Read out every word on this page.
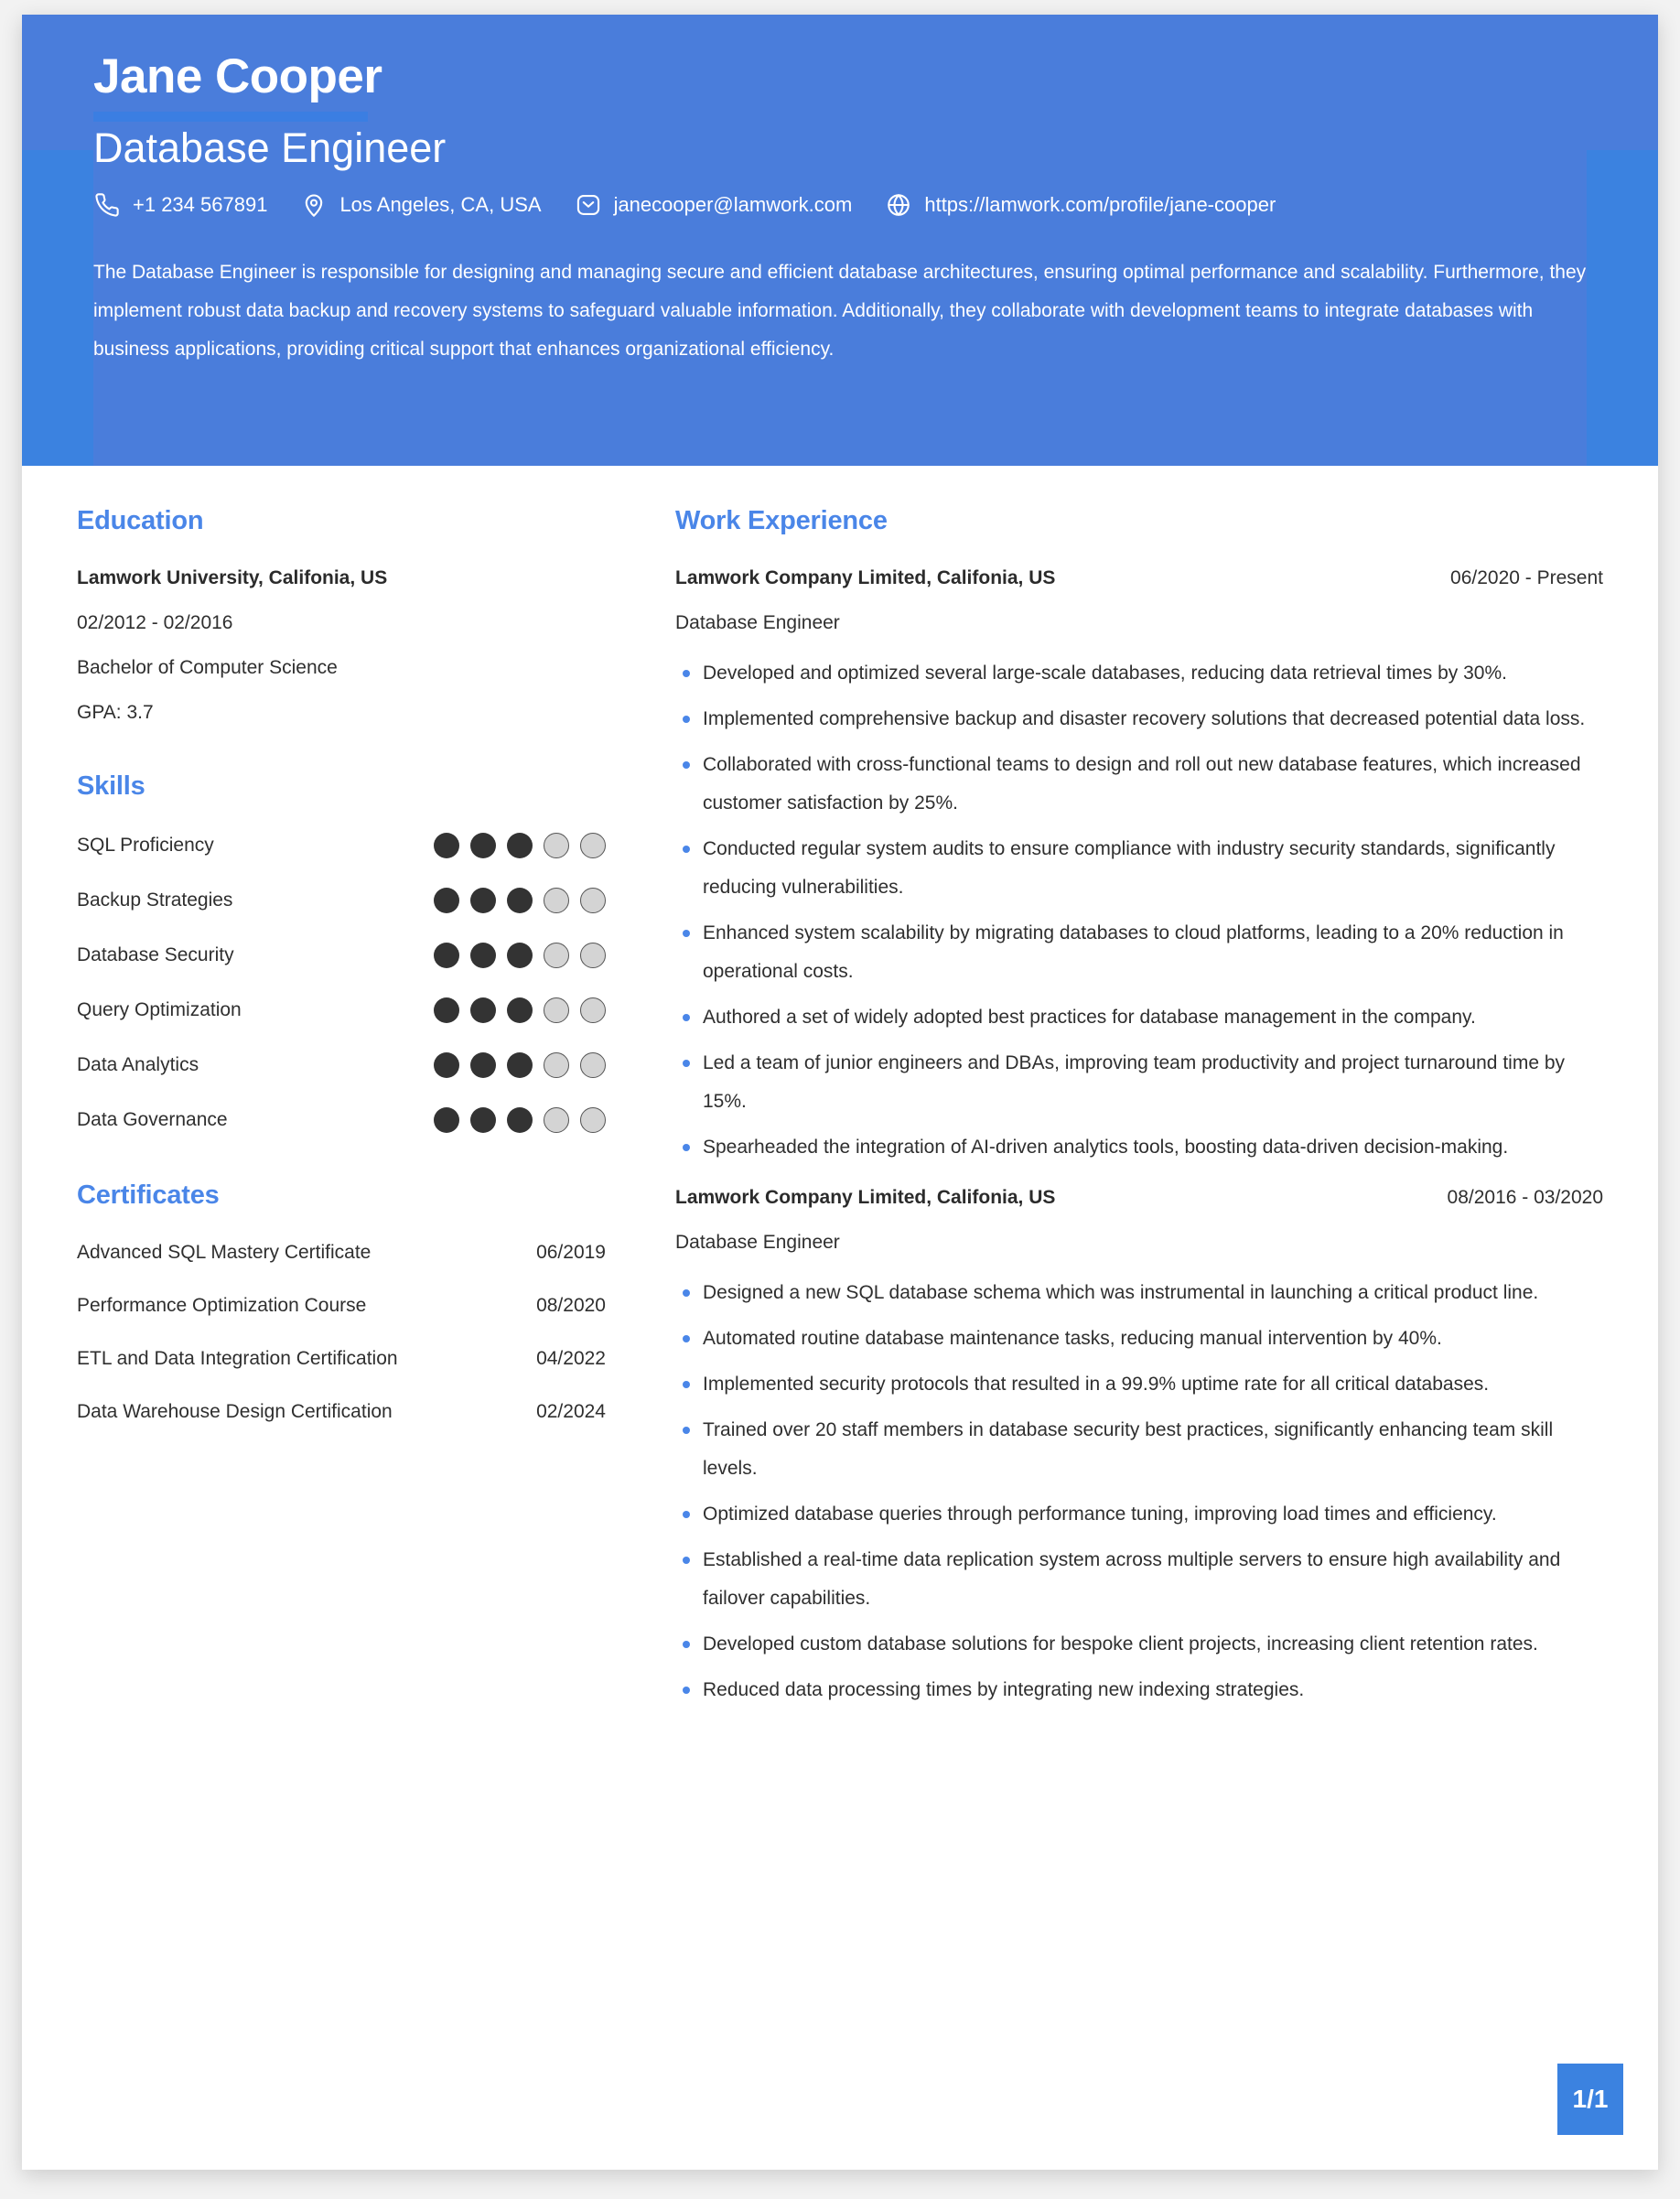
Jane Cooper
Database Engineer
+1 234 567891	Los Angeles, CA, USA	janecooper@lamwork.com	https://lamwork.com/profile/jane-cooper
The Database Engineer is responsible for designing and managing secure and efficient database architectures, ensuring optimal performance and scalability. Furthermore, they implement robust data backup and recovery systems to safeguard valuable information. Additionally, they collaborate with development teams to integrate databases with business applications, providing critical support that enhances organizational efficiency.
Education
Lamwork University, Califonia, US
02/2012 - 02/2016
Bachelor of Computer Science
GPA: 3.7
Skills
SQL Proficiency
Backup Strategies
Database Security
Query Optimization
Data Analytics
Data Governance
Certificates
Advanced SQL Mastery Certificate	06/2019
Performance Optimization Course	08/2020
ETL and Data Integration Certification	04/2022
Data Warehouse Design Certification	02/2024
Work Experience
Lamwork Company Limited, Califonia, US	06/2020 - Present
Database Engineer
Developed and optimized several large-scale databases, reducing data retrieval times by 30%.
Implemented comprehensive backup and disaster recovery solutions that decreased potential data loss.
Collaborated with cross-functional teams to design and roll out new database features, which increased customer satisfaction by 25%.
Conducted regular system audits to ensure compliance with industry security standards, significantly reducing vulnerabilities.
Enhanced system scalability by migrating databases to cloud platforms, leading to a 20% reduction in operational costs.
Authored a set of widely adopted best practices for database management in the company.
Led a team of junior engineers and DBAs, improving team productivity and project turnaround time by 15%.
Spearheaded the integration of AI-driven analytics tools, boosting data-driven decision-making.
Lamwork Company Limited, Califonia, US	08/2016 - 03/2020
Database Engineer
Designed a new SQL database schema which was instrumental in launching a critical product line.
Automated routine database maintenance tasks, reducing manual intervention by 40%.
Implemented security protocols that resulted in a 99.9% uptime rate for all critical databases.
Trained over 20 staff members in database security best practices, significantly enhancing team skill levels.
Optimized database queries through performance tuning, improving load times and efficiency.
Established a real-time data replication system across multiple servers to ensure high availability and failover capabilities.
Developed custom database solutions for bespoke client projects, increasing client retention rates.
Reduced data processing times by integrating new indexing strategies.
1/1
